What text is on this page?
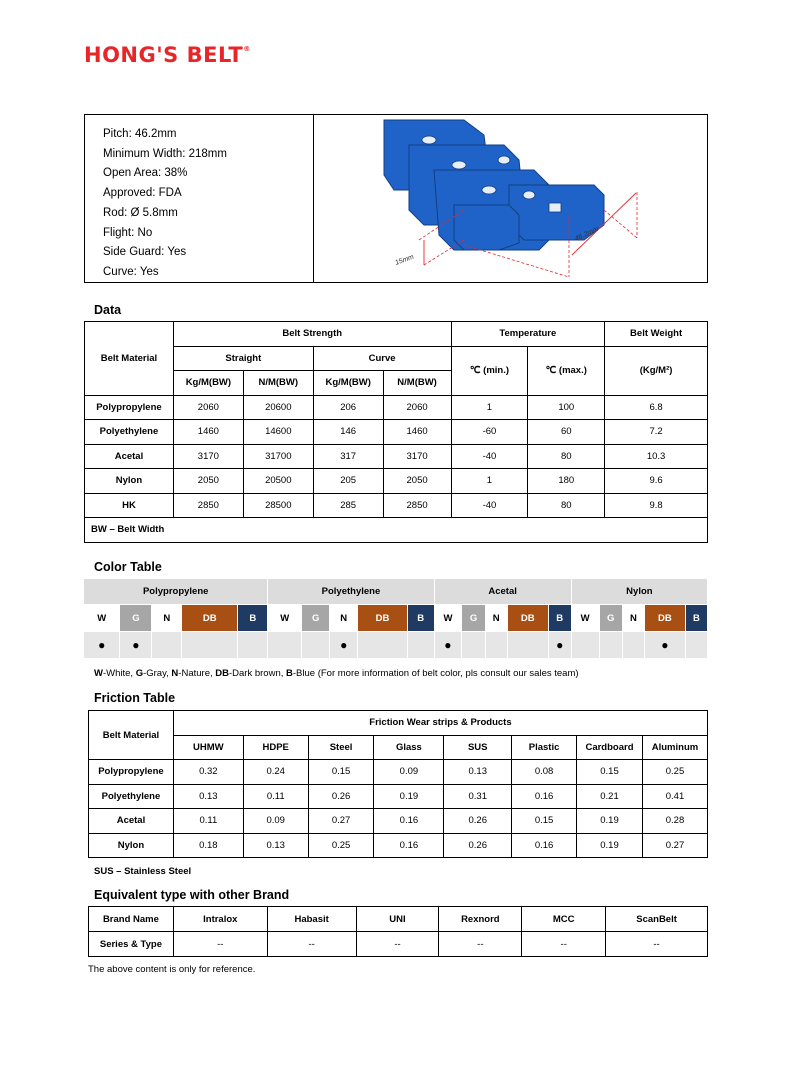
HONG'S BELT®
Pitch: 46.2mm
Minimum Width: 218mm
Open Area: 38%
Approved: FDA
Rod: Ø 5.8mm
Flight: No
Side Guard: Yes
Curve: Yes
15mm
46.2mm
Data
Belt Material	Belt Strength				Temperature		Belt Weight
	Straight		Curve		℃ (min.)	℃ (max.)	(Kg/M²)
	Kg/M(BW)	N/M(BW)	Kg/M(BW)	N/M(BW)			
Polypropylene	2060	20600	206	2060	1	100	6.8
Polyethylene	1460	14600	146	1460	-60	60	7.2
Acetal	3170	31700	317	3170	-40	80	10.3
Nylon	2050	20500	205	2050	1	180	9.6
HK	2850	28500	285	2850	-40	80	9.8
BW – Belt Width							
Color Table
Polypropylene					Polyethylene					Acetal					Nylon				
W	G	N	DB	B	W	G	N	DB	B	W	G	N	DB	B	W	G	N	DB	B
●	●						●			●				●				●	
W-White, G-Gray, N-Nature, DB-Dark brown, B-Blue (For more information of belt color, pls consult our sales team)
Friction Table
Belt Material	Friction Wear strips & Products							
	UHMW	HDPE	Steel	Glass	SUS	Plastic	Cardboard	Aluminum
Polypropylene	0.32	0.24	0.15	0.09	0.13	0.08	0.15	0.25
Polyethylene	0.13	0.11	0.26	0.19	0.31	0.16	0.21	0.41
Acetal	0.11	0.09	0.27	0.16	0.26	0.15	0.19	0.28
Nylon	0.18	0.13	0.25	0.16	0.26	0.16	0.19	0.27
SUS – Stainless Steel
Equivalent type with other Brand
Brand Name	Intralox	Habasit	UNI	Rexnord	MCC	ScanBelt
Series & Type	--	--	--	--	--	--
The above content is only for reference.
